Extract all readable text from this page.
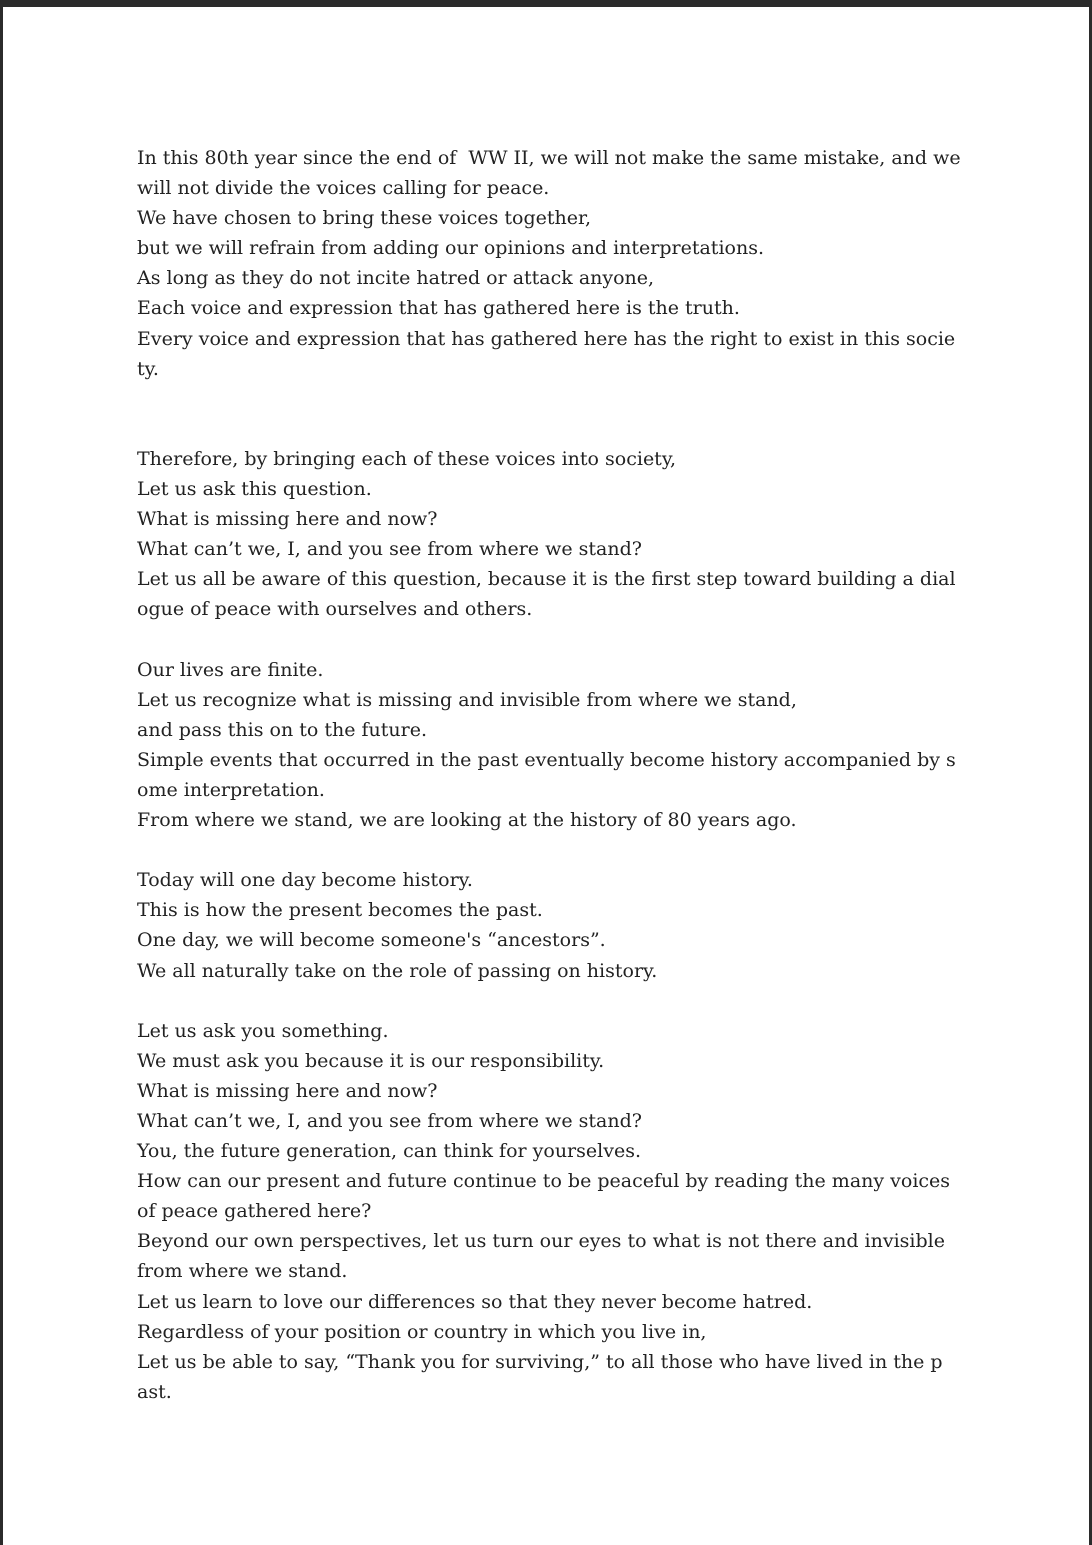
In this 80th year since the end of  WW II, we will not make the same mistake, and we
will not divide the voices calling for peace.
We have chosen to bring these voices together,
but we will refrain from adding our opinions and interpretations.
As long as they do not incite hatred or attack anyone,
Each voice and expression that has gathered here is the truth.
Every voice and expression that has gathered here has the right to exist in this socie
ty.
Therefore, by bringing each of these voices into society,
Let us ask this question.
What is missing here and now?
What can’t we, I, and you see from where we stand?
Let us all be aware of this question, because it is the first step toward building a dial
ogue of peace with ourselves and others.
Our lives are finite.
Let us recognize what is missing and invisible from where we stand,
and pass this on to the future.
Simple events that occurred in the past eventually become history accompanied by s
ome interpretation.
From where we stand, we are looking at the history of 80 years ago.
Today will one day become history.
This is how the present becomes the past.
One day, we will become someone's “ancestors”.
We all naturally take on the role of passing on history.
Let us ask you something.
We must ask you because it is our responsibility.
What is missing here and now?
What can’t we, I, and you see from where we stand?
You, the future generation, can think for yourselves.
How can our present and future continue to be peaceful by reading the many voices
of peace gathered here?
Beyond our own perspectives, let us turn our eyes to what is not there and invisible
from where we stand.
Let us learn to love our differences so that they never become hatred.
Regardless of your position or country in which you live in,
Let us be able to say, “Thank you for surviving,” to all those who have lived in the p
ast.
